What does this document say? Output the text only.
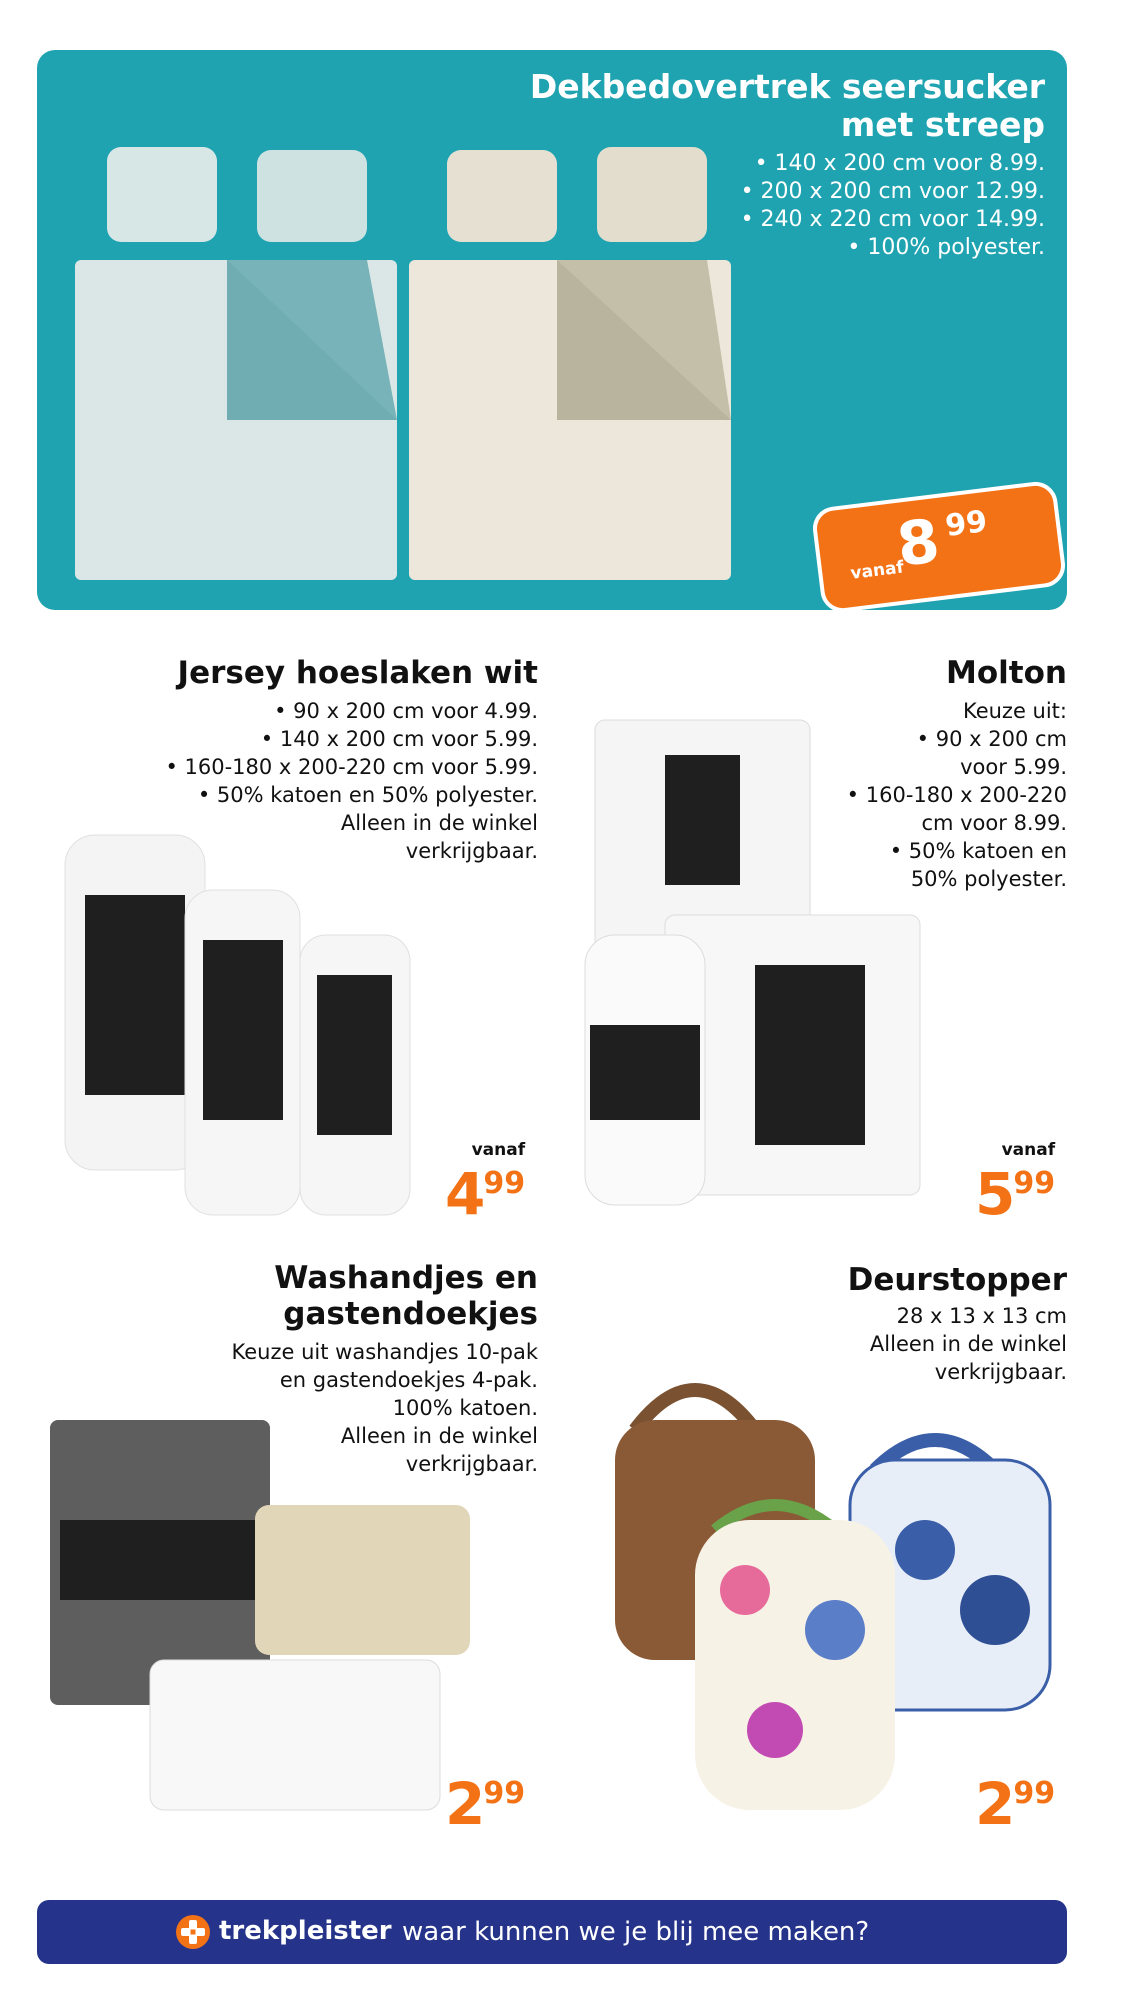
Dekbedovertrek seersucker
met streep
• 140 x 200 cm voor 8.99.
• 200 x 200 cm voor 12.99.
• 240 x 220 cm voor 14.99.
• 100% polyester.
vanaf
8 99
Jersey hoeslaken wit
• 90 x 200 cm voor 4.99.
• 140 x 200 cm voor 5.99.
• 160-180 x 200-220 cm voor 5.99.
• 50% katoen en 50% polyester.
Alleen in de winkel
verkrijgbaar.
vanaf
499
Molton
Keuze uit:
• 90 x 200 cm
voor 5.99.
• 160-180 x 200-220
cm voor 8.99.
• 50% katoen en
50% polyester.
vanaf
599
Washandjes en
gastendoekjes
Keuze uit washandjes 10-pak
en gastendoekjes 4-pak.
100% katoen.
Alleen in de winkel
verkrijgbaar.
299
Deurstopper
28 x 13 x 13 cm
Alleen in de winkel
verkrijgbaar.
299
trekpleister waar kunnen we je blij mee maken?
